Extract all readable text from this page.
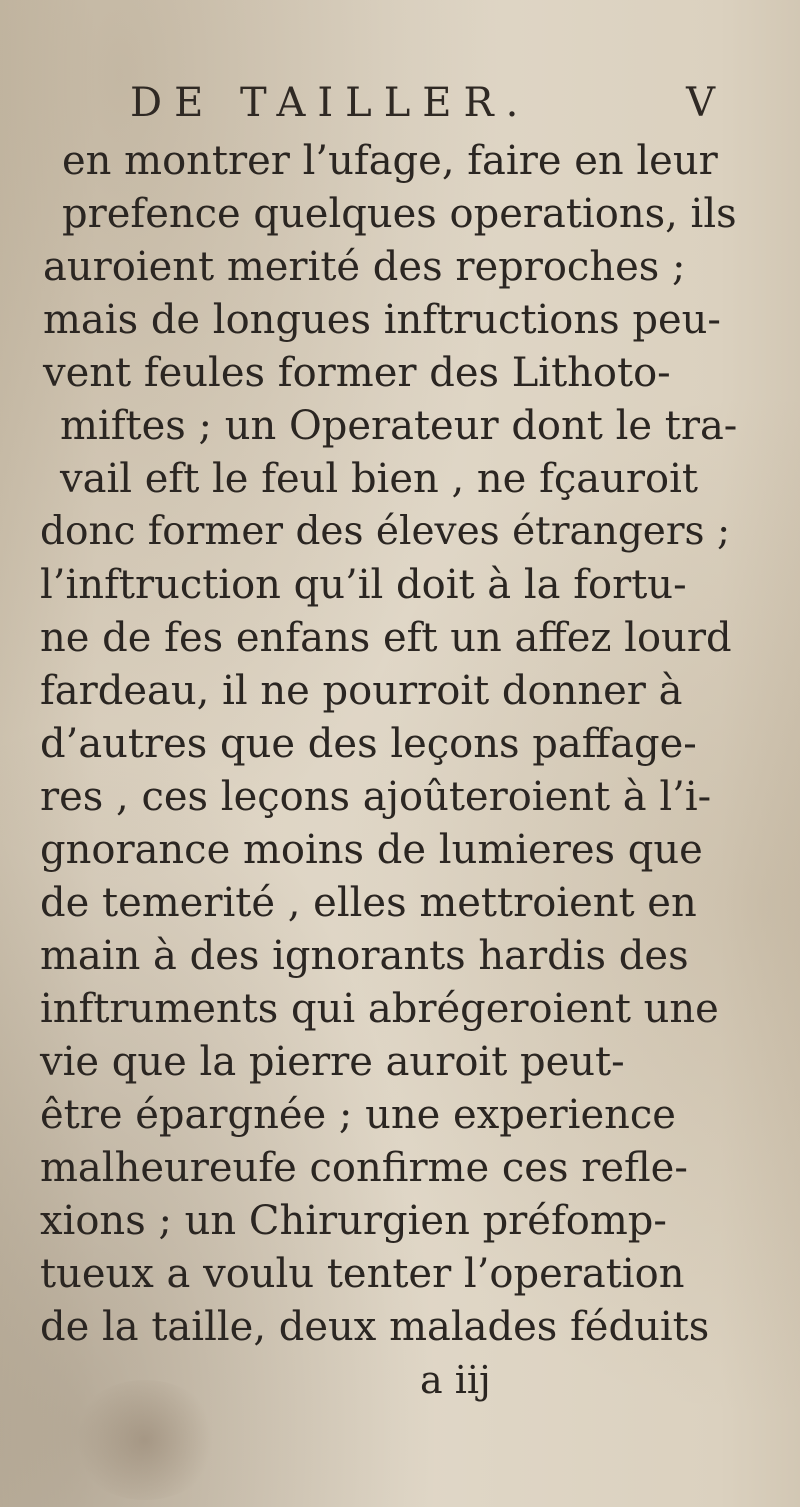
DE TAILLER.	V
en montrer l’ufage, faire en leur
prefence quelques operations, ils
auroient merité des reproches ;
mais de longues inftructions peu-
vent feules former des Lithoto-
miftes ; un Operateur dont le tra-
vail eft le feul bien , ne fçauroit
donc former des éleves étrangers ;
l’inftruction qu’il doit à la fortu-
ne de fes enfans eft un affez lourd
fardeau, il ne pourroit donner à
d’autres que des leçons paffage-
res , ces leçons ajoûteroient à l’i-
gnorance moins de lumieres que
de temerité , elles mettroient en
main à des ignorants hardis des
inftruments qui abrégeroient une
vie que la pierre auroit peut-
être épargnée ; une experience
malheureufe confirme ces refle-
xions ; un Chirurgien préfomp-
tueux a voulu tenter l’operation
de la taille, deux malades féduits
a iij
